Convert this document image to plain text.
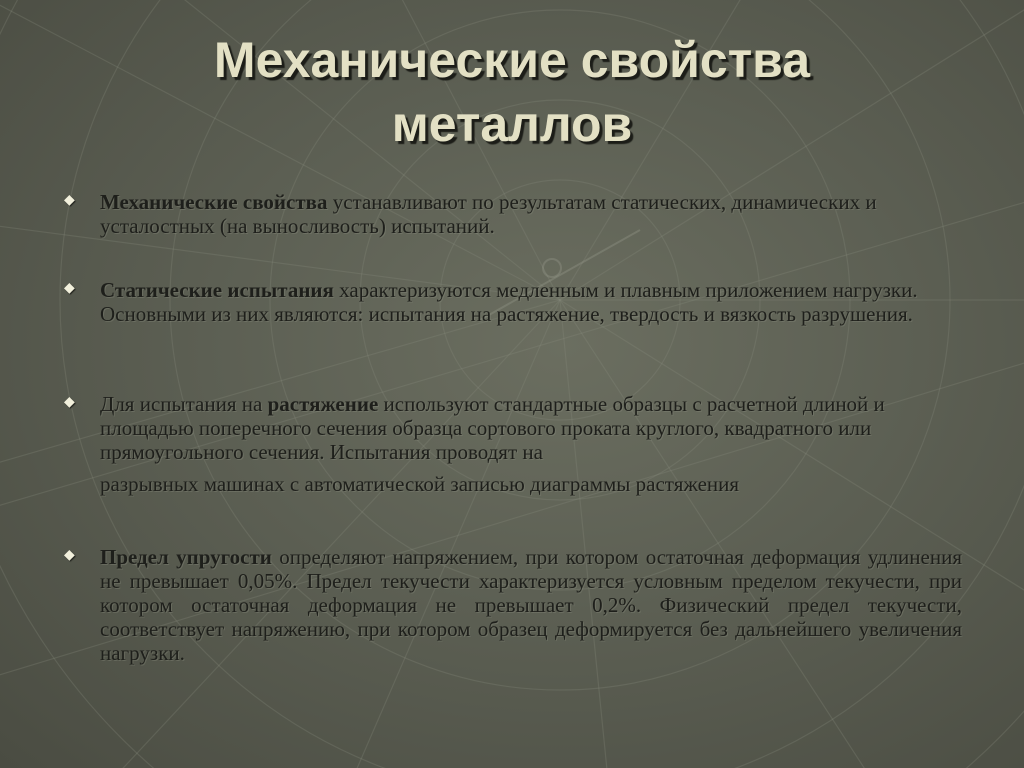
Механические свойства
металлов
◆ Механические свойства устанавливают по результатам статических, динамических и усталостных (на выносливость) испытаний.
◆ Статические испытания характеризуются медленным и плавным приложением нагрузки. Основными из них являются: испытания на растяжение, твердость и вязкость разрушения.
◆ Для испытания на растяжение используют стандартные образцы с расчетной длиной и площадью поперечного сечения образца сортового проката круглого, квадратного или прямоугольного сечения. Испытания проводят на
разрывных машинах с автоматической записью диаграммы растяжения
◆ Предел упругости определяют напряжением, при котором остаточная деформация удлинения не превышает 0,05%. Предел текучести характеризуется условным пределом текучести, при котором остаточная деформация не превышает 0,2%. Физический предел текучести, соответствует напряжению, при котором образец деформируется без дальнейшего увеличения нагрузки.
